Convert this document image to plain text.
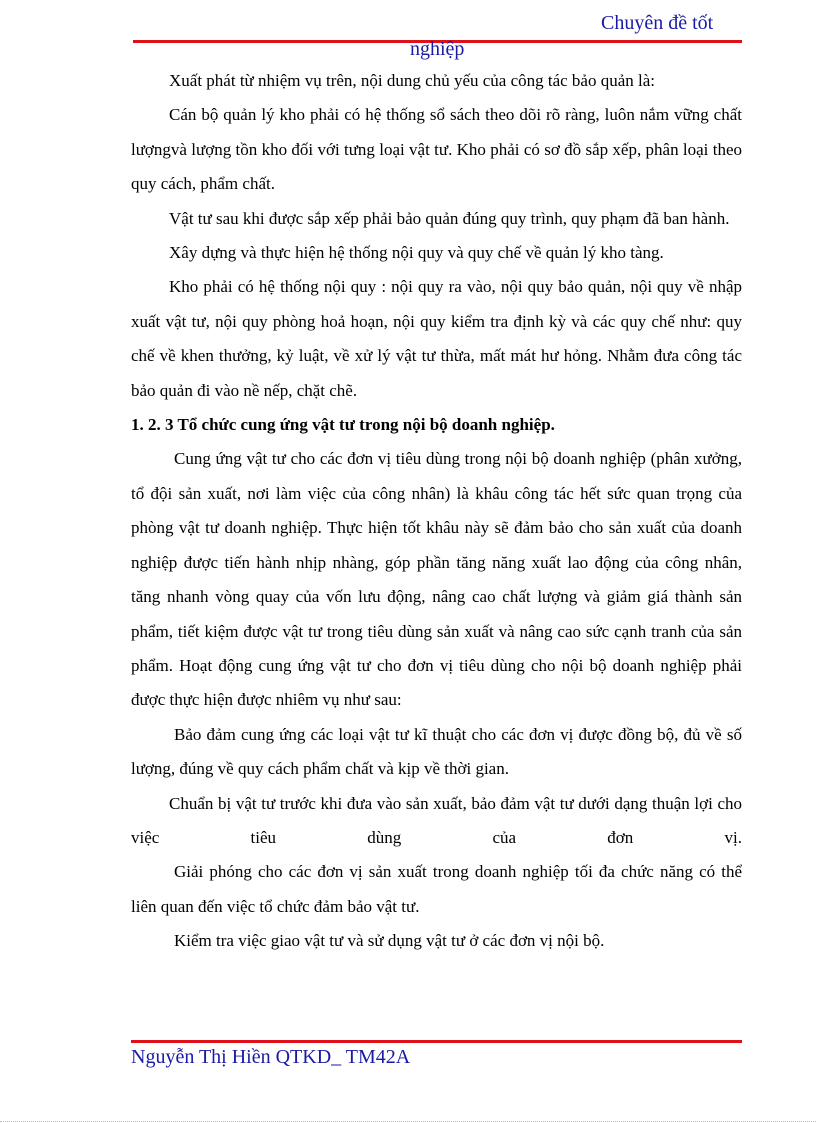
Chuyên đề tốt
nghiệp

Xuất phát từ nhiệm vụ trên, nội dung chủ yếu của công tác bảo quản là:

Cán bộ quản lý kho phải có hệ thống sổ sách theo dõi rõ ràng, luôn nắm vững chất lượngvà lượng tồn kho đối với tưng loại vật tư. Kho phải có sơ đồ sắp xếp, phân loại theo quy cách, phẩm chất.

Vật tư sau khi được sắp xếp phải bảo quản đúng quy trình, quy phạm đã ban hành.

Xây dựng và thực hiện hệ thống nội quy và quy chế về quản lý kho tàng.

Kho phải có hệ thống nội quy : nội quy ra vào, nội quy bảo quản, nội quy về nhập xuất vật tư, nội quy phòng hoả hoạn, nội quy kiểm tra định kỳ và các quy chế như: quy chế về khen thưởng, kỷ luật, về xử lý vật tư thừa, mất mát hư hỏng. Nhằm đưa công tác bảo quản đi vào nề nếp, chặt chẽ.

1. 2. 3 Tổ chức cung ứng vật tư trong nội bộ doanh nghiệp.

Cung ứng vật tư cho các đơn vị tiêu dùng trong nội bộ doanh nghiệp (phân xưởng, tổ đội sản xuất, nơi làm việc của công nhân) là khâu công tác hết sức quan trọng của phòng vật tư doanh nghiệp. Thực hiện tốt khâu này sẽ đảm bảo cho sản xuất của doanh nghiệp được tiến hành nhịp nhàng, góp phần tăng năng xuất lao động của công nhân, tăng nhanh vòng quay của vốn lưu động, nâng cao chất lượng và giảm giá thành sản phẩm, tiết kiệm được vật tư trong tiêu dùng sản xuất và nâng cao sức cạnh tranh của sản phẩm. Hoạt động cung ứng vật tư cho đơn vị tiêu dùng cho nội bộ doanh nghiệp phải được thực hiện được nhiêm vụ như sau:

Bảo đảm cung ứng các loại vật tư kĩ thuật cho các đơn vị được đồng bộ, đủ về số lượng, đúng về quy cách phẩm chất và kịp về thời gian.

Chuẩn bị vật tư trước khi đưa vào sản xuất, bảo đảm vật tư dưới dạng thuận lợi cho việc tiêu dùng của đơn vị.

Giải phóng cho các đơn vị sản xuất trong doanh nghiệp tối đa chức năng có thể liên quan đến việc tổ chức đảm bảo vật tư.

Kiểm tra việc giao vật tư và sử dụng vật tư ở các đơn vị nội bộ.

Nguyễn Thị Hiền QTKD_ TM42A
